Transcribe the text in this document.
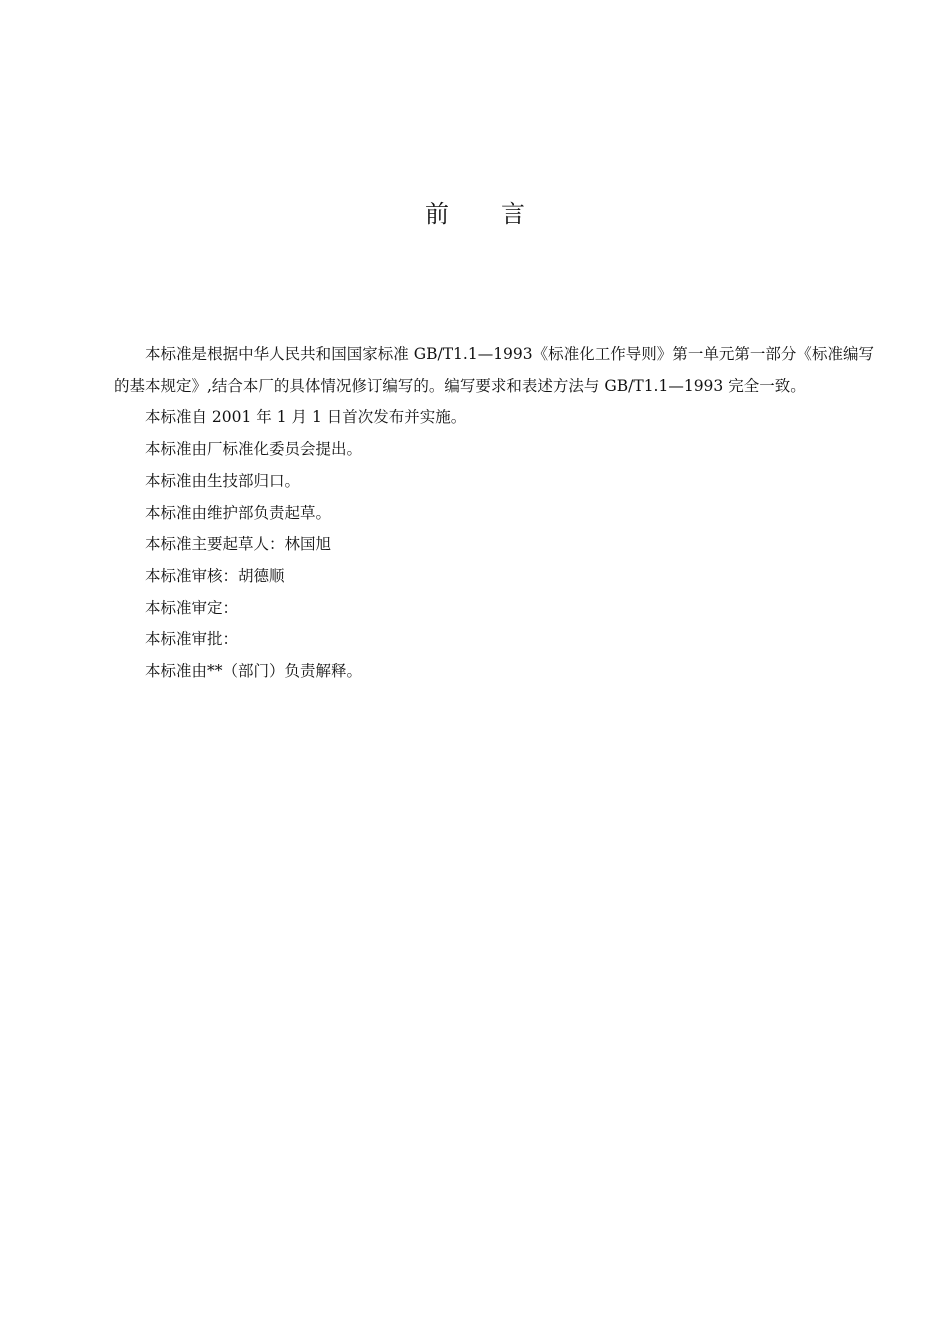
前 言

本标准是根据中华人民共和国国家标准 GB/T1.1—1993《标准化工作导则》第一单元第一部分《标准编写的基本规定》,结合本厂的具体情况修订编写的。编写要求和表述方法与 GB/T1.1—1993 完全一致。

本标准自 2001 年 1 月 1 日首次发布并实施。

本标准由厂标准化委员会提出。

本标准由生技部归口。

本标准由维护部负责起草。

本标准主要起草人：林国旭

本标准审核：胡德顺

本标准审定：

本标准审批：

本标准由**（部门）负责解释。
